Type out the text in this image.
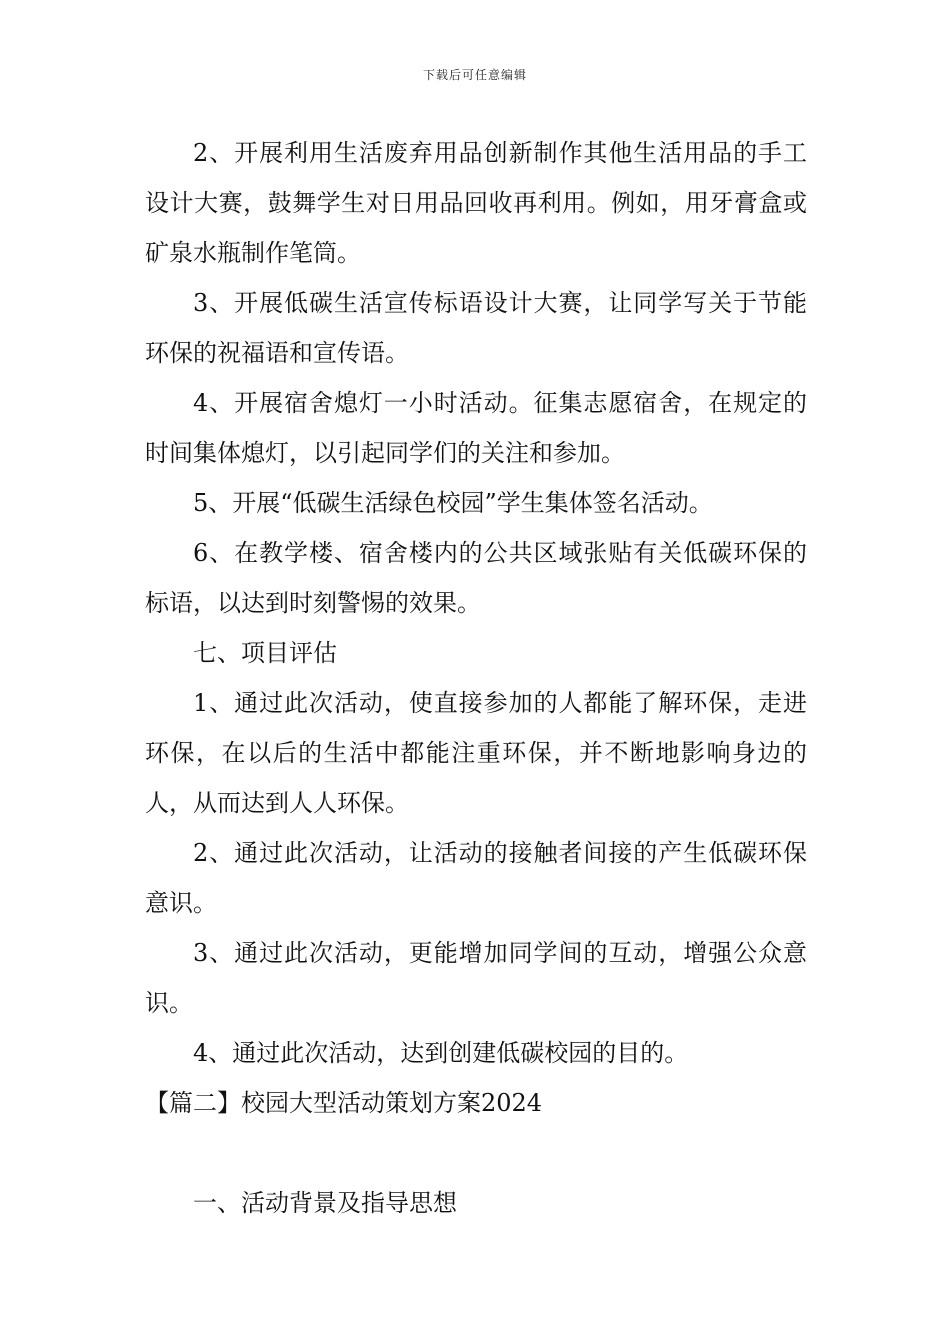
下载后可任意编辑

2、开展利用生活废弃用品创新制作其他生活用品的手工设计大赛，鼓舞学生对日用品回收再利用。例如，用牙膏盒或矿泉水瓶制作笔筒。

3、开展低碳生活宣传标语设计大赛，让同学写关于节能环保的祝福语和宣传语。

4、开展宿舍熄灯一小时活动。征集志愿宿舍，在规定的时间集体熄灯，以引起同学们的关注和参加。

5、开展“低碳生活绿色校园”学生集体签名活动。

6、在教学楼、宿舍楼内的公共区域张贴有关低碳环保的标语，以达到时刻警惕的效果。

七、项目评估

1、通过此次活动，使直接参加的人都能了解环保，走进环保，在以后的生活中都能注重环保，并不断地影响身边的人，从而达到人人环保。

2、通过此次活动，让活动的接触者间接的产生低碳环保意识。

3、通过此次活动，更能增加同学间的互动，增强公众意识。

4、通过此次活动，达到创建低碳校园的目的。

【篇二】校园大型活动策划方案2024

一、活动背景及指导思想
